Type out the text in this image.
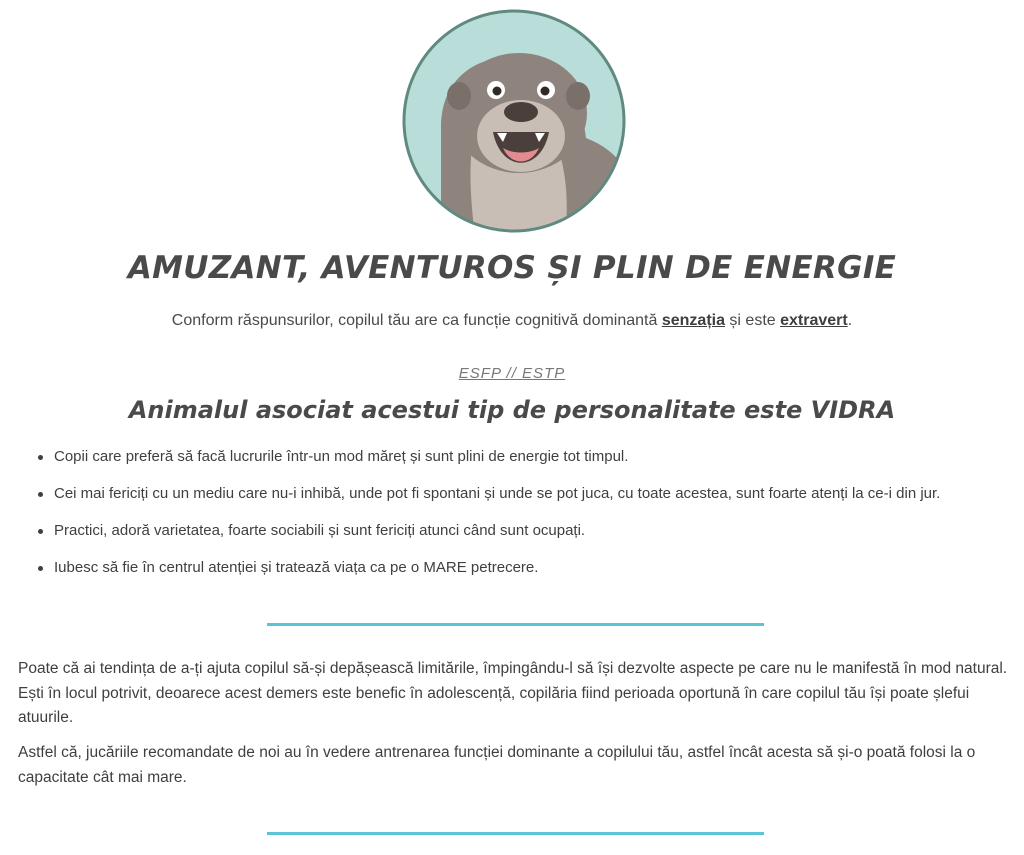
AMUZANT, AVENTUROS ȘI PLIN DE ENERGIE

Conform răspunsurilor, copilul tău are ca funcție cognitivă dominantă senzația și este extravert.

ESFP // ESTP

Animalul asociat acestui tip de personalitate este VIDRA
Copii care preferă să facă lucrurile într-un mod măreț și sunt plini de energie tot timpul.
Cei mai fericiți cu un mediu care nu-i inhibă, unde pot fi spontani și unde se pot juca, cu toate acestea, sunt foarte atenți la ce-i din jur.
Practici, adoră varietatea, foarte sociabili și sunt fericiți atunci când sunt ocupați.
Iubesc să fie în centrul atenției și tratează viața ca pe o MARE petrecere.

Poate că ai tendința de a-ți ajuta copilul să-și depășească limitările, împingându-l să își dezvolte aspecte pe care nu le manifestă în mod natural. Ești în locul potrivit, deoarece acest demers este benefic în adolescență, copilăria fiind perioada oportună în care copilul tău își poate șlefui atuurile.

Astfel că, jucăriile recomandate de noi au în vedere antrenarea funcției dominante a copilului tău, astfel încât acesta să și-o poată folosi la o capacitate cât mai mare.
